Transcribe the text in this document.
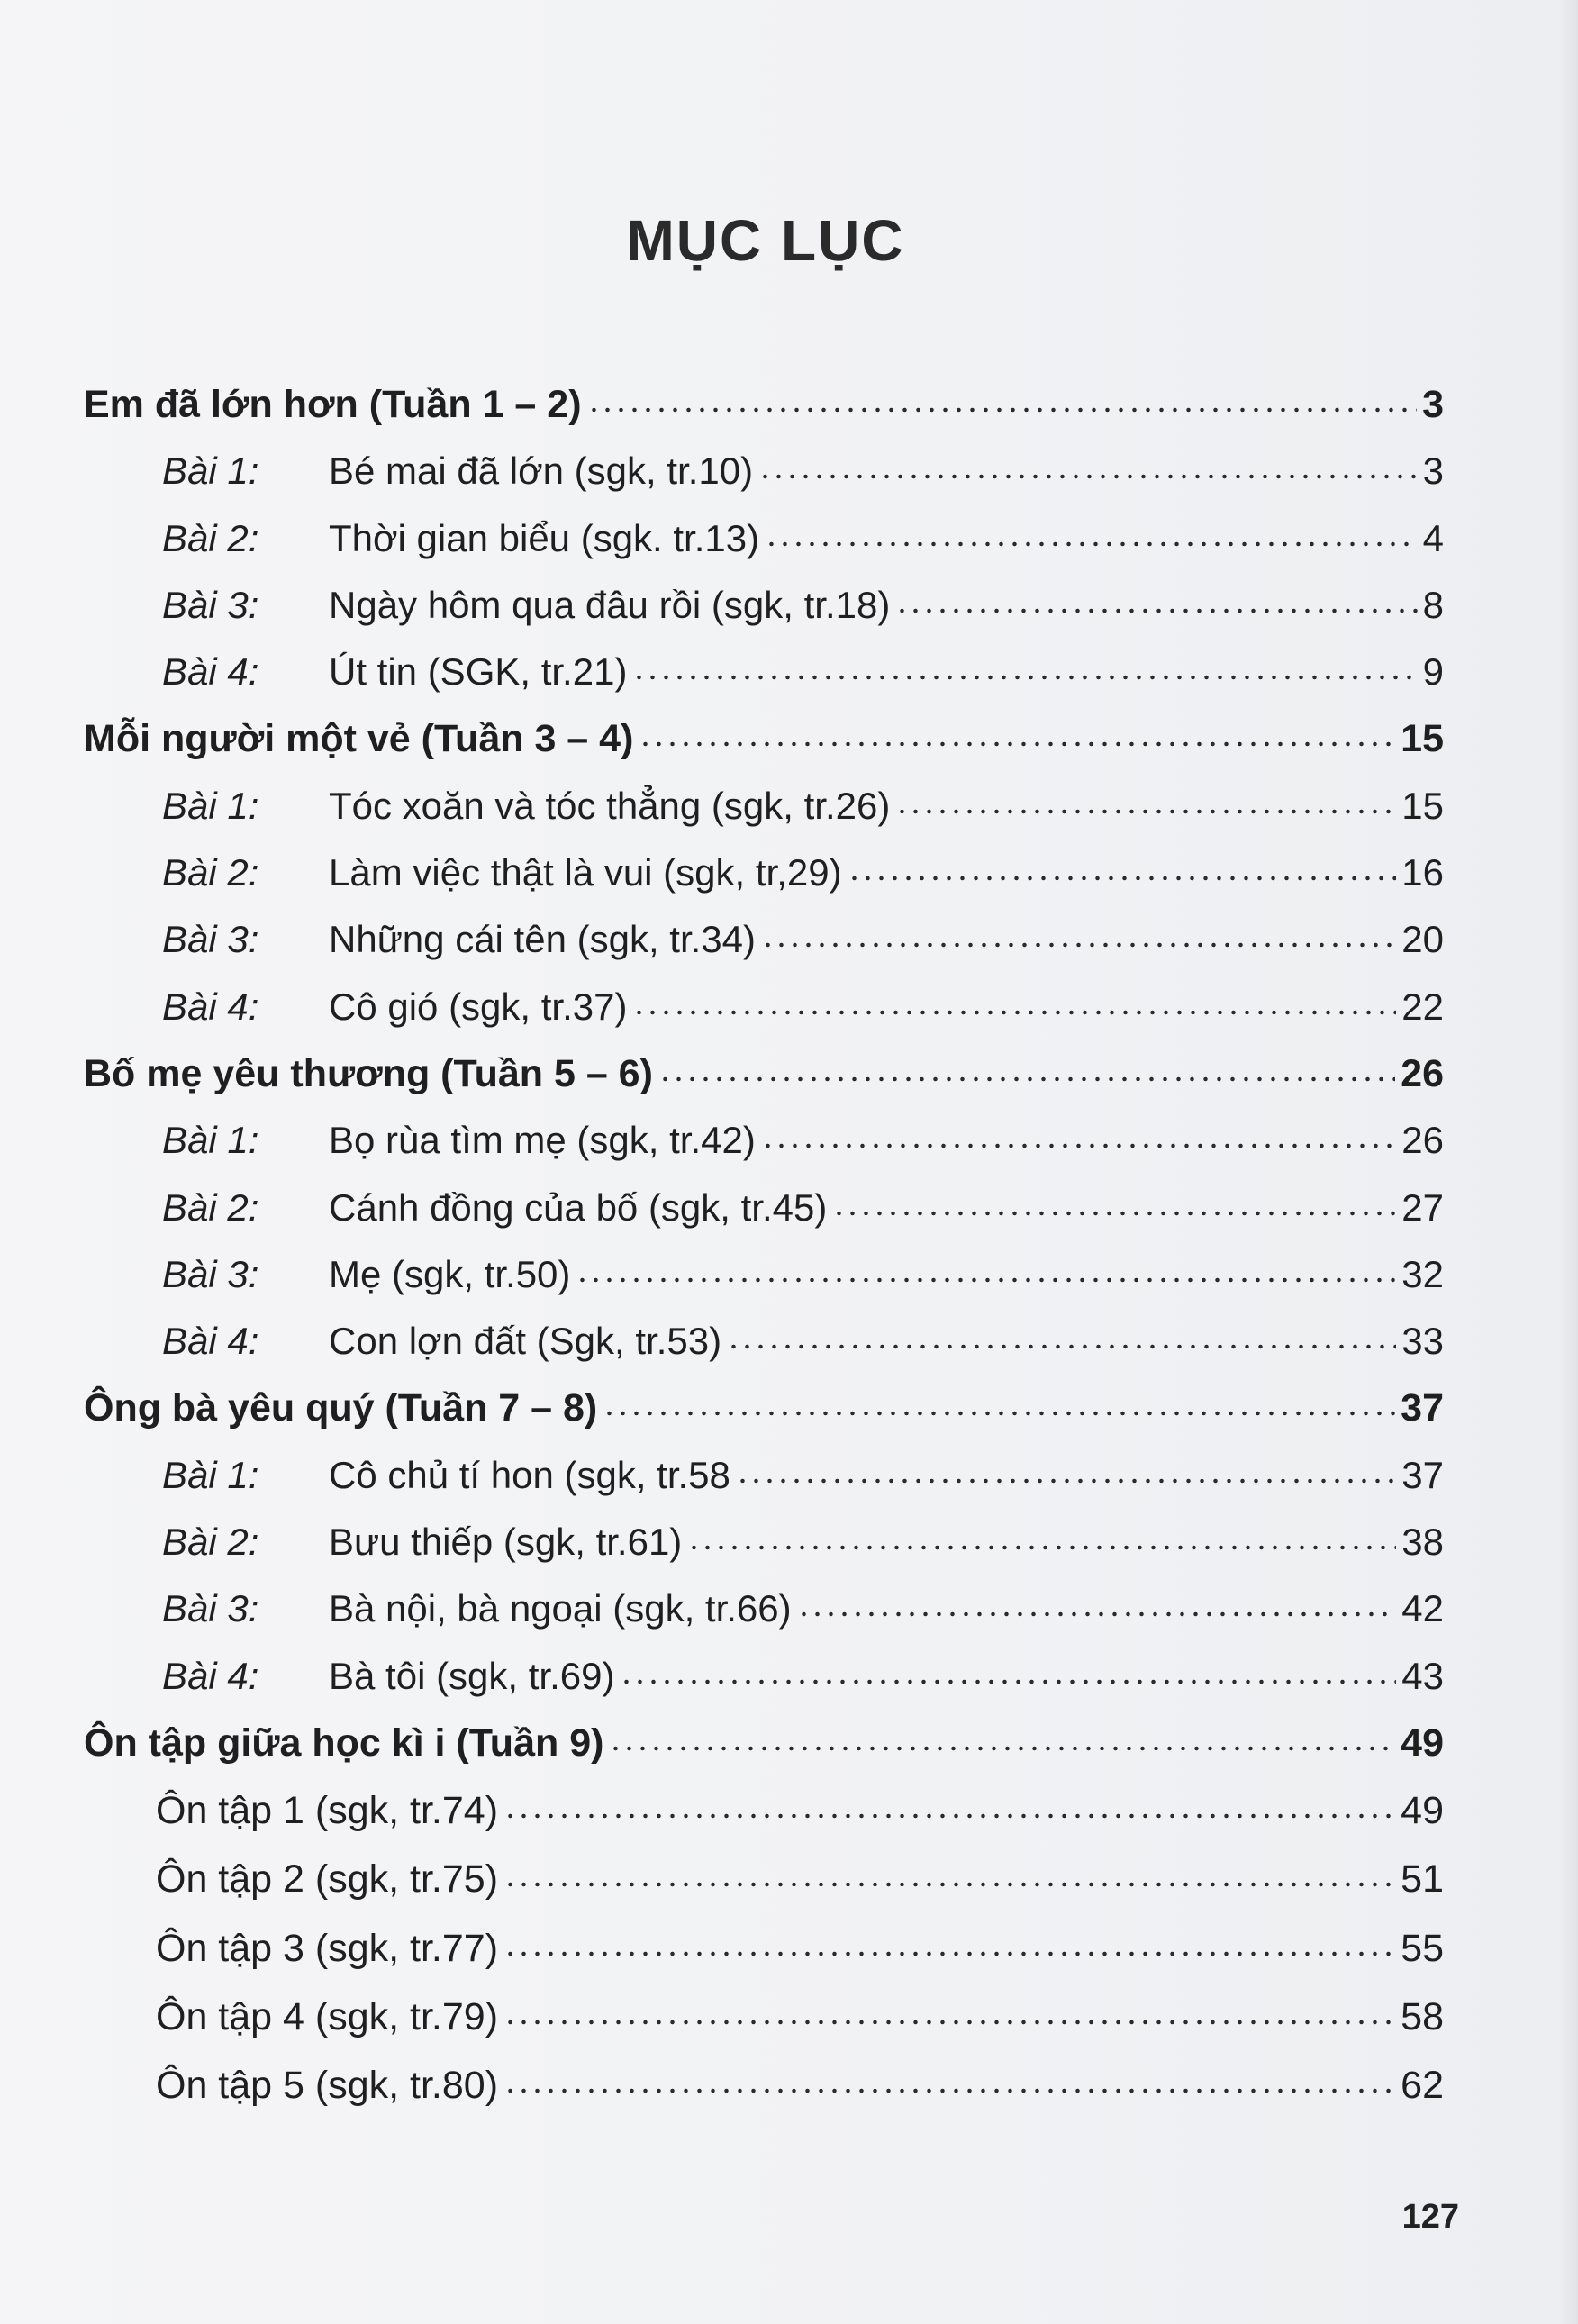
MỤC LỤC
Em đã lớn hơn (Tuần 1 – 2)	3
Bài 1:	Bé mai đã lớn (sgk, tr.10)	3
Bài 2:	Thời gian biểu (sgk. tr.13)	4
Bài 3:	Ngày hôm qua đâu rồi (sgk, tr.18)	8
Bài 4:	Út tin (SGK, tr.21)	9
Mỗi người một vẻ (Tuần 3 – 4)	15
Bài 1:	Tóc xoăn và tóc thẳng (sgk, tr.26)	15
Bài 2:	Làm việc thật là vui (sgk, tr,29)	16
Bài 3:	Những cái tên (sgk, tr.34)	20
Bài 4:	Cô gió (sgk, tr.37)	22
Bố mẹ yêu thương (Tuần 5 – 6)	26
Bài 1:	Bọ rùa tìm mẹ (sgk, tr.42)	26
Bài 2:	Cánh đồng của bố (sgk, tr.45)	27
Bài 3:	Mẹ (sgk, tr.50)	32
Bài 4:	Con lợn đất (Sgk, tr.53)	33
Ông bà yêu quý (Tuần 7 – 8)	37
Bài 1:	Cô chủ tí hon (sgk, tr.58	37
Bài 2:	Bưu thiếp (sgk, tr.61)	38
Bài 3:	Bà nội, bà ngoại (sgk, tr.66)	42
Bài 4:	Bà tôi (sgk, tr.69)	43
Ôn tập giữa học kì i (Tuần 9)	49
Ôn tập 1 (sgk, tr.74)	49
Ôn tập 2 (sgk, tr.75)	51
Ôn tập 3 (sgk, tr.77)	55
Ôn tập 4 (sgk, tr.79)	58
Ôn tập 5 (sgk, tr.80)	62
127
